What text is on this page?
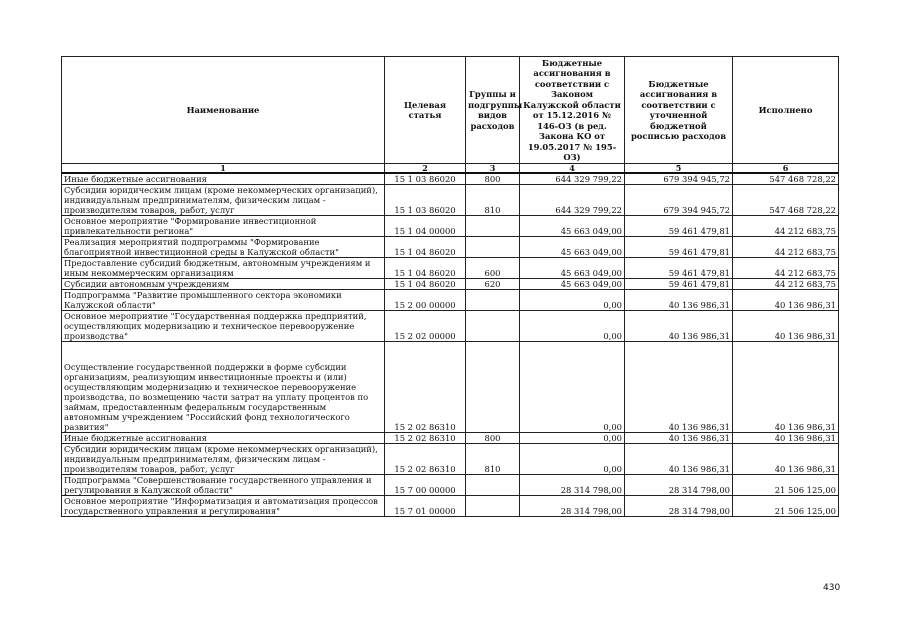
Наименование	Целевая статья	Группы и подгруппы видов расходов	Бюджетные ассигнования в соответствии с Законом Калужской области от 15.12.2016 № 146-ОЗ (в ред. Закона КО от 19.05.2017 № 195-ОЗ)	Бюджетные ассигнования в соответствии с уточненной бюджетной росписью расходов	Исполнено
1	2	3	4	5	6
Иные бюджетные ассигнования	15 1 03 86020	800	644 329 799,22	679 394 945,72	547 468 728,22
Субсидии юридическим лицам (кроме некоммерческих организаций), индивидуальным предпринимателям, физическим лицам - производителям товаров, работ, услуг	15 1 03 86020	810	644 329 799,22	679 394 945,72	547 468 728,22
Основное мероприятие "Формирование инвестиционной привлекательности региона"	15 1 04 00000		45 663 049,00	59 461 479,81	44 212 683,75
Реализация мероприятий подпрограммы "Формирование благоприятной инвестиционной среды в Калужской области"	15 1 04 86020		45 663 049,00	59 461 479,81	44 212 683,75
Предоставление субсидий бюджетным, автономным учреждениям и иным некоммерческим организациям	15 1 04 86020	600	45 663 049,00	59 461 479,81	44 212 683,75
Субсидии автономным учреждениям	15 1 04 86020	620	45 663 049,00	59 461 479,81	44 212 683,75
Подпрограмма "Развитие промышленного сектора экономики Калужской области"	15 2 00 00000		0,00	40 136 986,31	40 136 986,31
Основное мероприятие "Государственная поддержка предприятий, осуществляющих модернизацию и техническое перевооружение производства"	15 2 02 00000		0,00	40 136 986,31	40 136 986,31
Осуществление государственной поддержки в форме субсидии организациям, реализующим инвестиционные проекты и (или) осуществляющим модернизацию и техническое перевооружение производства, по возмещению части затрат на уплату процентов по займам, предоставленным федеральным государственным автономным учреждением "Российский фонд технологического развития"	15 2 02 86310		0,00	40 136 986,31	40 136 986,31
Иные бюджетные ассигнования	15 2 02 86310	800	0,00	40 136 986,31	40 136 986,31
Субсидии юридическим лицам (кроме некоммерческих организаций), индивидуальным предпринимателям, физическим лицам - производителям товаров, работ, услуг	15 2 02 86310	810	0,00	40 136 986,31	40 136 986,31
Подпрограмма "Совершенствование государственного управления и регулирования в Калужской области"	15 7 00 00000		28 314 798,00	28 314 798,00	21 506 125,00
Основное мероприятие "Информатизация и автоматизация процессов государственного управления и регулирования"	15 7 01 00000		28 314 798,00	28 314 798,00	21 506 125,00
430
